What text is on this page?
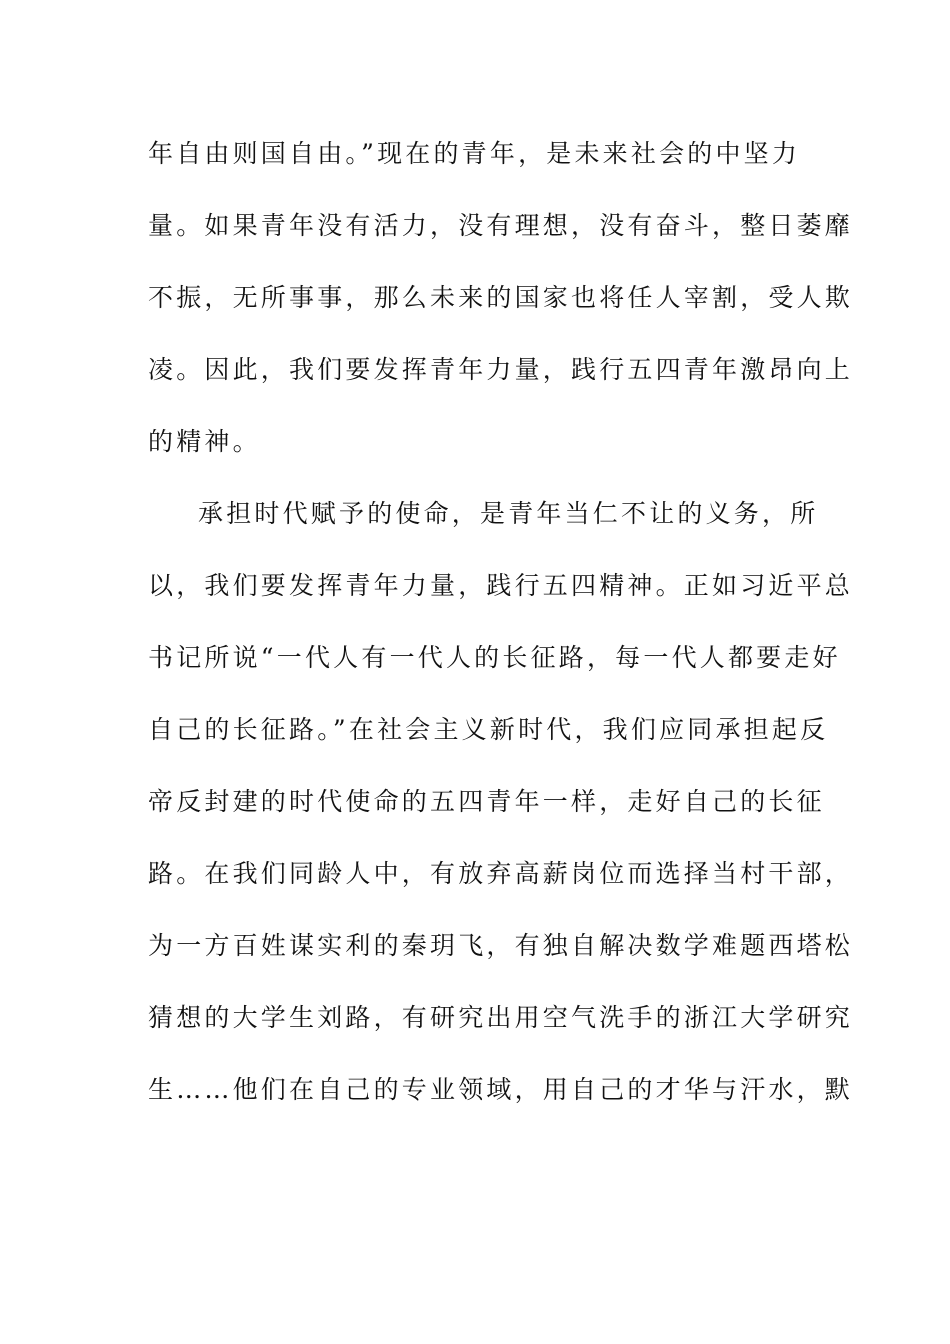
年自由则国自由。”现在的青年，是未来社会的中坚力
量。如果青年没有活力，没有理想，没有奋斗，整日萎靡
不振，无所事事，那么未来的国家也将任人宰割，受人欺
凌。因此，我们要发挥青年力量，践行五四青年激昂向上
的精神。
承担时代赋予的使命，是青年当仁不让的义务，所
以，我们要发挥青年力量，践行五四精神。正如习近平总
书记所说“一代人有一代人的长征路，每一代人都要走好
自己的长征路。”在社会主义新时代，我们应同承担起反
帝反封建的时代使命的五四青年一样，走好自己的长征
路。在我们同龄人中，有放弃高薪岗位而选择当村干部，
为一方百姓谋实利的秦玥飞，有独自解决数学难题西塔松
猜想的大学生刘路，有研究出用空气洗手的浙江大学研究
生……他们在自己的专业领域，用自己的才华与汗水，默
